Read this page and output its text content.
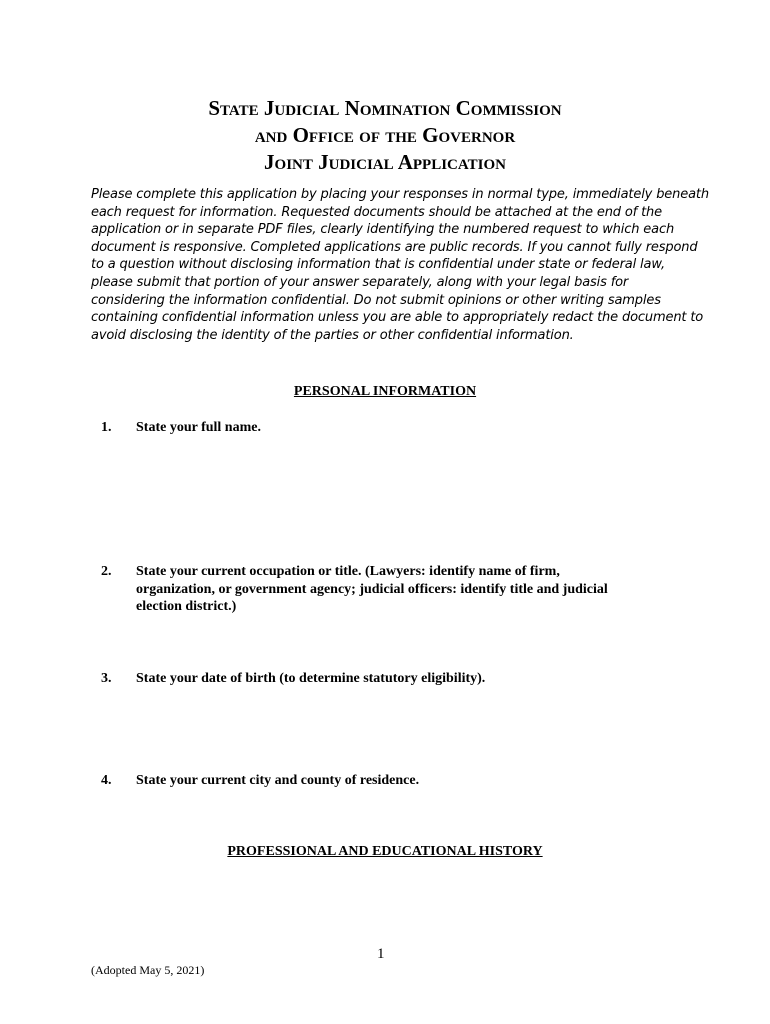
State Judicial Nomination Commission
and Office of the Governor
Joint Judicial Application
Please complete this application by placing your responses in normal type, immediately beneath
each request for information. Requested documents should be attached at the end of the
application or in separate PDF files, clearly identifying the numbered request to which each
document is responsive. Completed applications are public records. If you cannot fully respond
to a question without disclosing information that is confidential under state or federal law,
please submit that portion of your answer separately, along with your legal basis for
considering the information confidential. Do not submit opinions or other writing samples
containing confidential information unless you are able to appropriately redact the document to
avoid disclosing the identity of the parties or other confidential information.
PERSONAL INFORMATION
1. State your full name.
2. State your current occupation or title. (Lawyers: identify name of firm,
organization, or government agency; judicial officers: identify title and judicial
election district.)
3. State your date of birth (to determine statutory eligibility).
4. State your current city and county of residence.
PROFESSIONAL AND EDUCATIONAL HISTORY
1
(Adopted May 5, 2021)
